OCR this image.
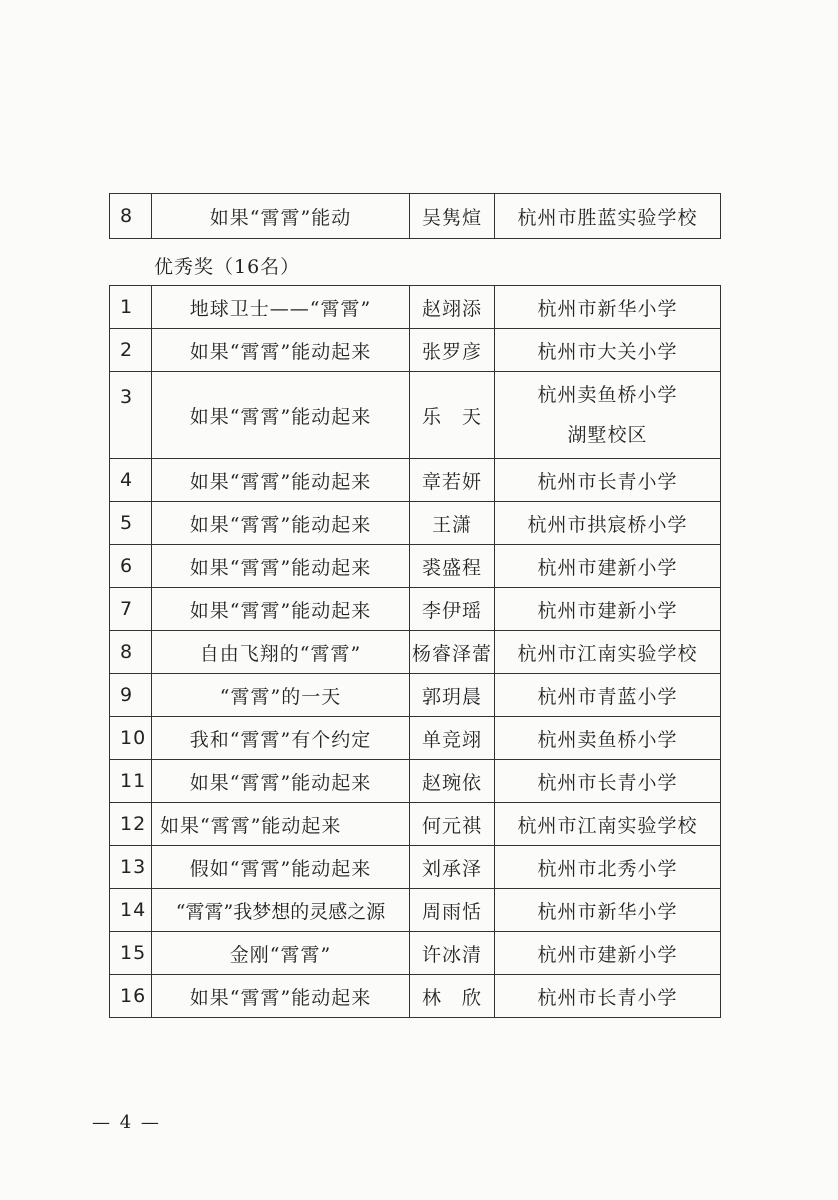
8	如果“霄霄”能动	吴隽煊	杭州市胜蓝实验学校
优秀奖（16名）
1	地球卫士——“霄霄”	赵翊添	杭州市新华小学
2	如果“霄霄”能动起来	张罗彦	杭州市大关小学
3	如果“霄霄”能动起来	乐　天	杭州卖鱼桥小学
湖墅校区

4	如果“霄霄”能动起来	章若妍	杭州市长青小学
5	如果“霄霄”能动起来	王潇	杭州市拱宸桥小学
6	如果“霄霄”能动起来	裘盛程	杭州市建新小学
7	如果“霄霄”能动起来	李伊瑶	杭州市建新小学
8	自由飞翔的“霄霄”	杨睿泽蕾	杭州市江南实验学校
9	“霄霄”的一天	郭玥晨	杭州市青蓝小学
10	我和“霄霄”有个约定	单竞翊	杭州卖鱼桥小学
11	如果“霄霄”能动起来	赵琬依	杭州市长青小学
12	如果“霄霄”能动起来	何元祺	杭州市江南实验学校
13	假如“霄霄”能动起来	刘承泽	杭州市北秀小学
14	“霄霄”我梦想的灵感之源	周雨恬	杭州市新华小学
15	金刚“霄霄”	许冰清	杭州市建新小学
16	如果“霄霄”能动起来	林　欣	杭州市长青小学
— 4 —
